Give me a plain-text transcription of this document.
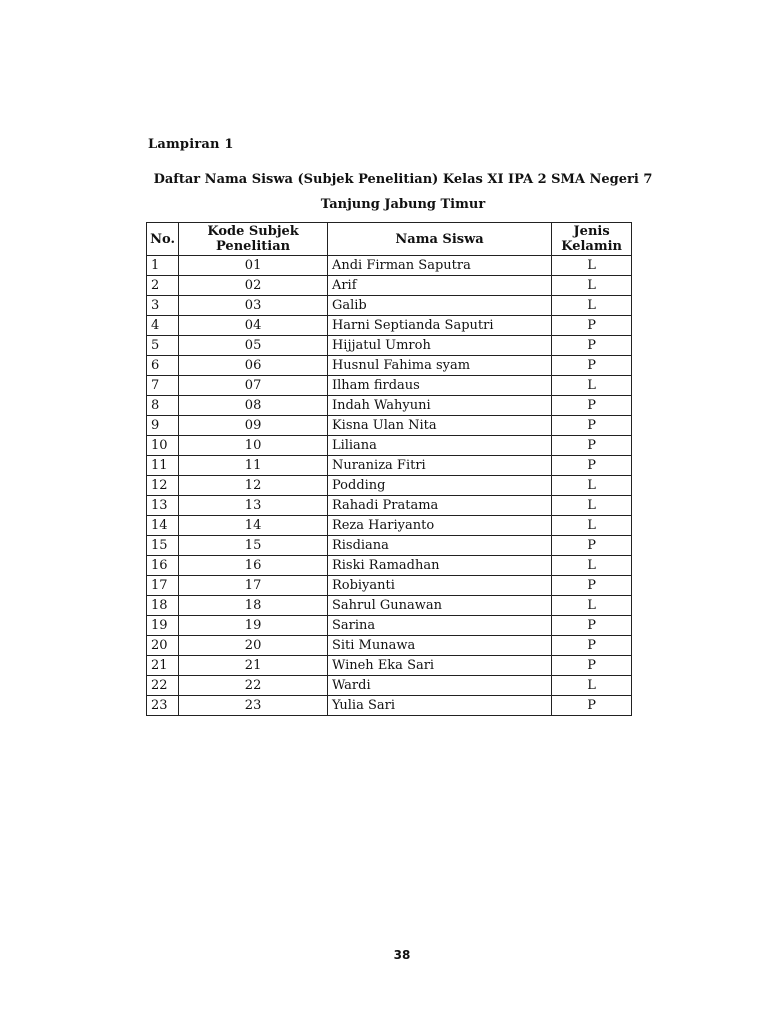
Lampiran 1
Daftar Nama Siswa (Subjek Penelitian) Kelas XI IPA 2 SMA Negeri 7
Tanjung Jabung Timur
No.	Kode Subjek Penelitian	Nama Siswa	Jenis Kelamin
1	01	Andi Firman Saputra	L
2	02	Arif	L
3	03	Galib	L
4	04	Harni Septianda Saputri	P
5	05	Hijjatul Umroh	P
6	06	Husnul Fahima syam	P
7	07	Ilham firdaus	L
8	08	Indah Wahyuni	P
9	09	Kisna Ulan Nita	P
10	10	Liliana	P
11	11	Nuraniza Fitri	P
12	12	Podding	L
13	13	Rahadi Pratama	L
14	14	Reza Hariyanto	L
15	15	Risdiana	P
16	16	Riski Ramadhan	L
17	17	Robiyanti	P
18	18	Sahrul Gunawan	L
19	19	Sarina	P
20	20	Siti Munawa	P
21	21	Wineh Eka Sari	P
22	22	Wardi	L
23	23	Yulia Sari	P
38
